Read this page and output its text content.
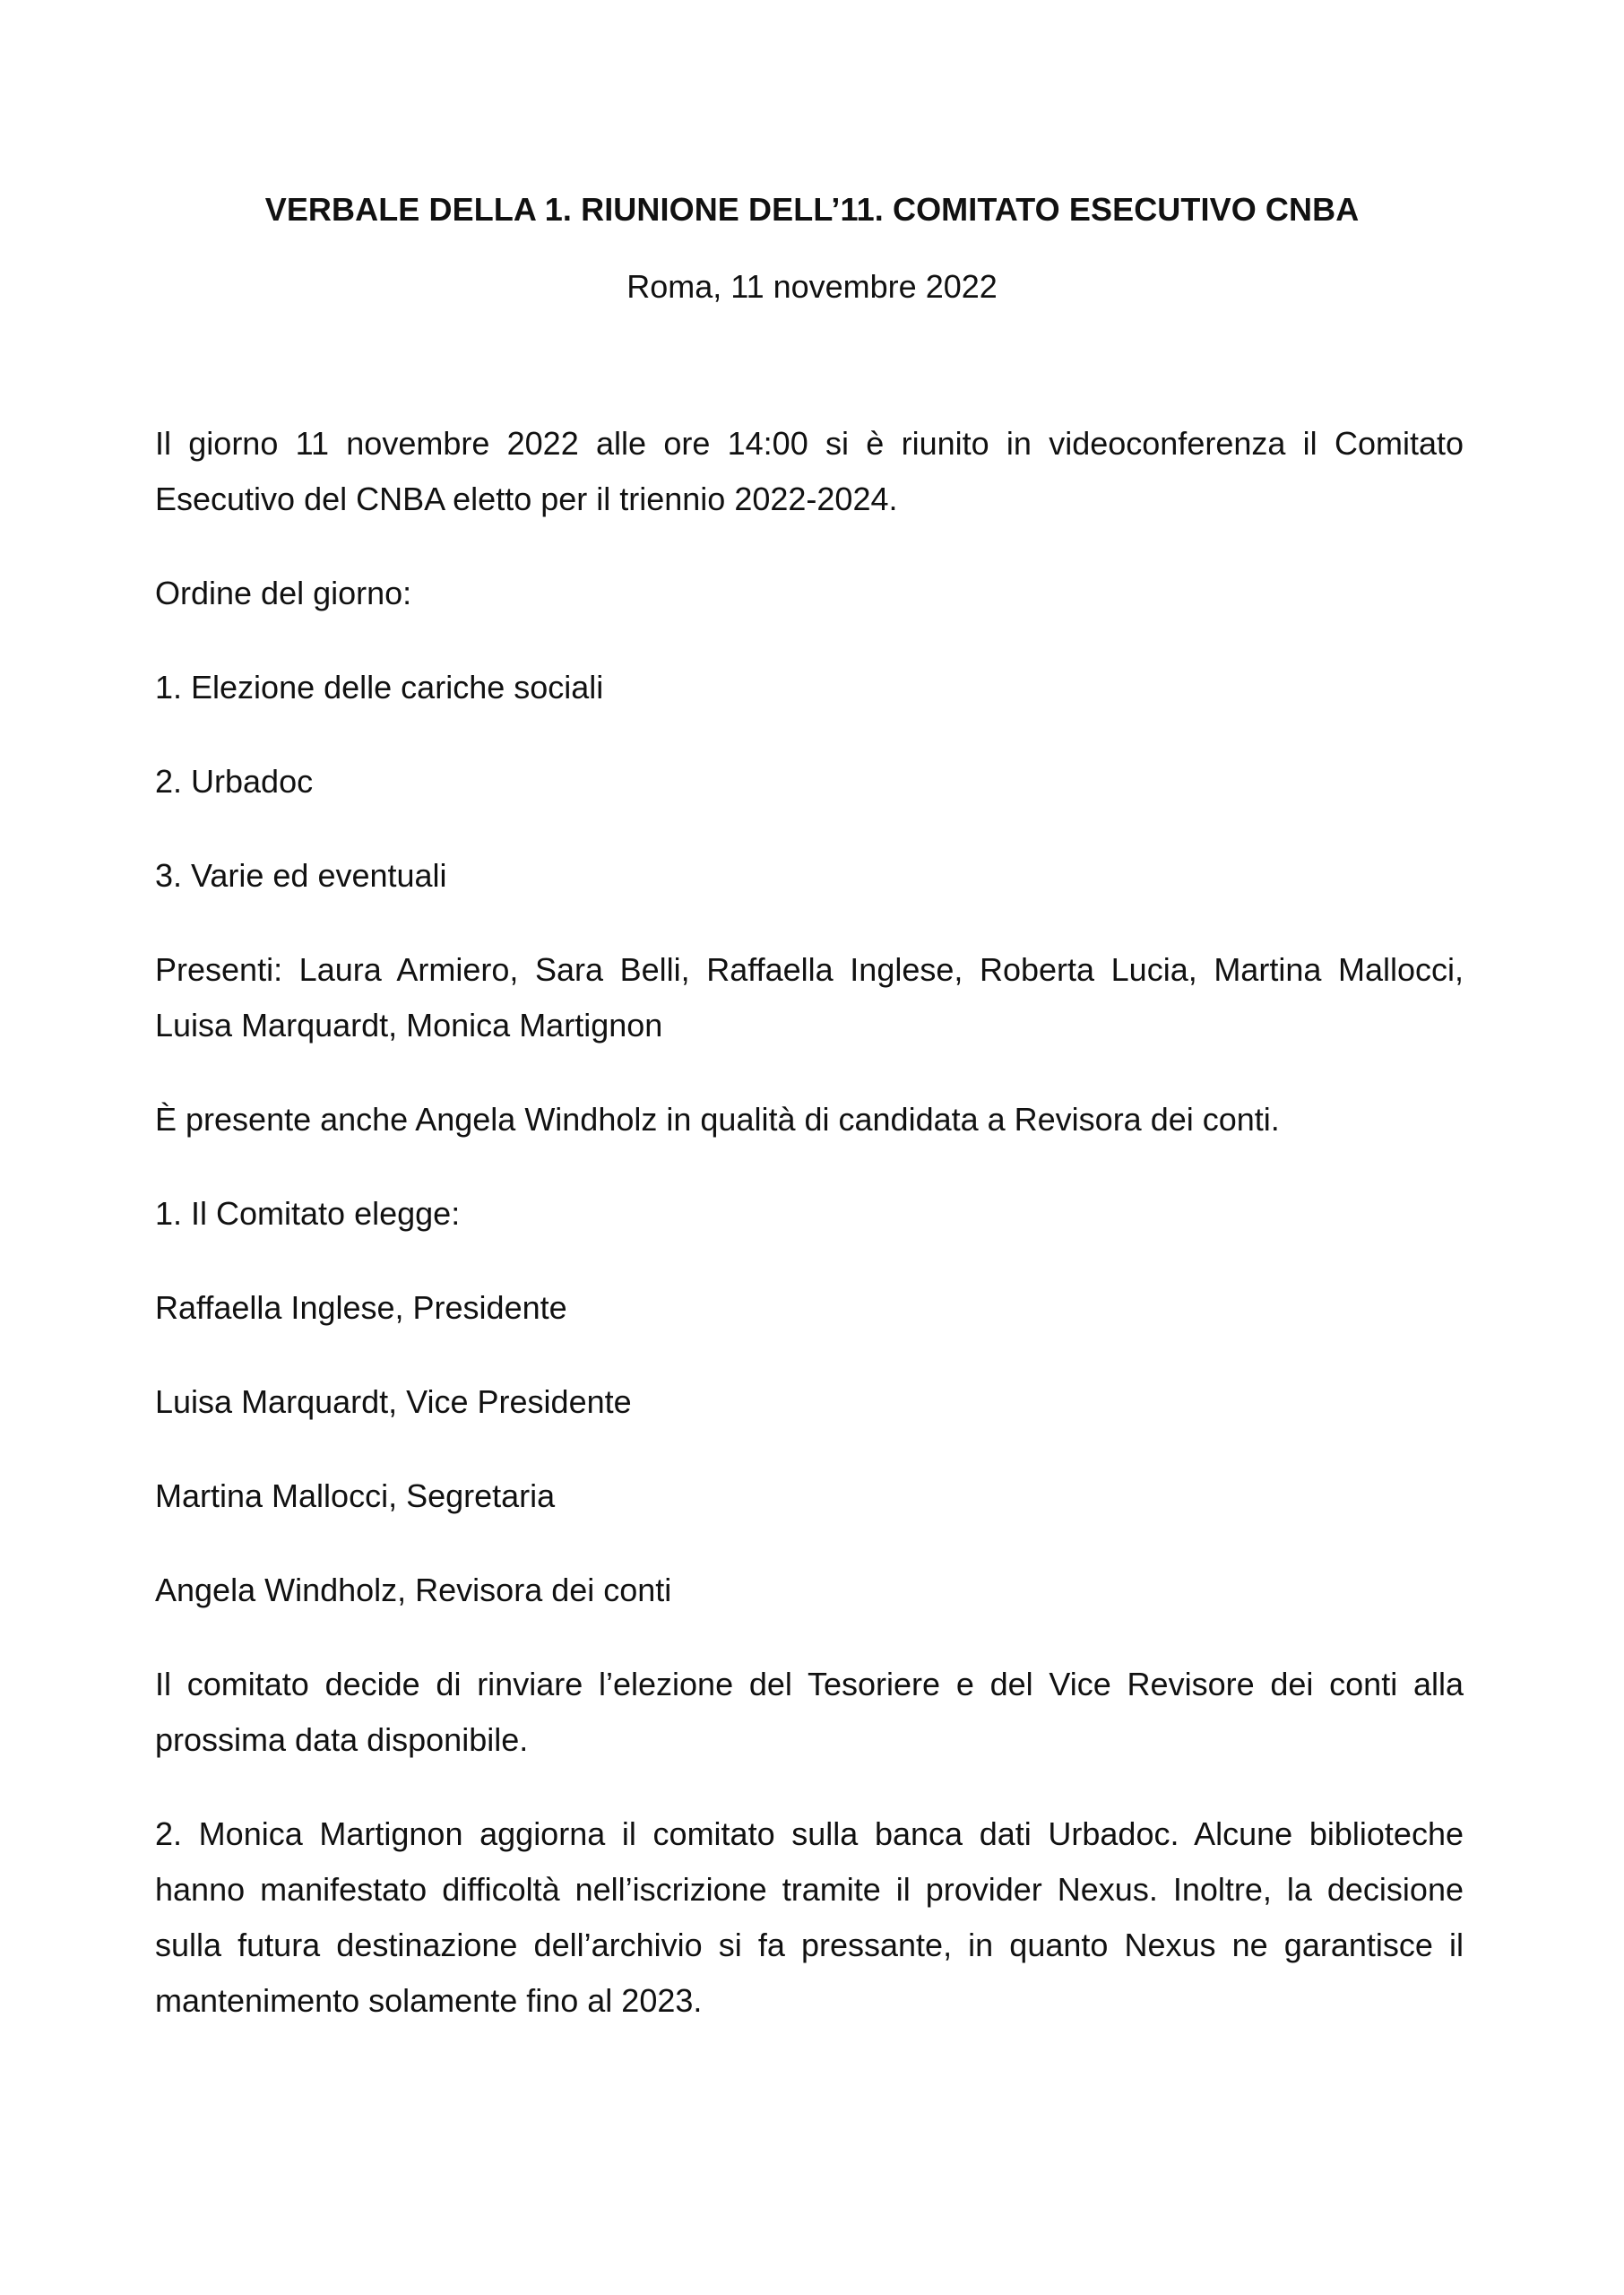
VERBALE DELLA 1. RIUNIONE DELL’11. COMITATO ESECUTIVO CNBA
Roma, 11 novembre 2022

Il giorno 11 novembre 2022 alle ore 14:00 si è riunito in videoconferenza il Comitato Esecutivo del CNBA eletto per il triennio 2022-2024.

Ordine del giorno:

1. Elezione delle cariche sociali

2. Urbadoc

3. Varie ed eventuali

Presenti: Laura Armiero, Sara Belli, Raffaella Inglese, Roberta Lucia, Martina Mallocci, Luisa Marquardt, Monica Martignon

È presente anche Angela Windholz in qualità di candidata a Revisora dei conti.

1. Il Comitato elegge:

Raffaella Inglese, Presidente

Luisa Marquardt, Vice Presidente

Martina Mallocci, Segretaria

Angela Windholz, Revisora dei conti

Il comitato decide di rinviare l’elezione del Tesoriere e del Vice Revisore dei conti alla prossima data disponibile.

2. Monica Martignon aggiorna il comitato sulla banca dati Urbadoc. Alcune biblioteche hanno manifestato difficoltà nell’iscrizione tramite il provider Nexus. Inoltre, la decisione sulla futura destinazione dell’archivio si fa pressante, in quanto Nexus ne garantisce il mantenimento solamente fino al 2023.
